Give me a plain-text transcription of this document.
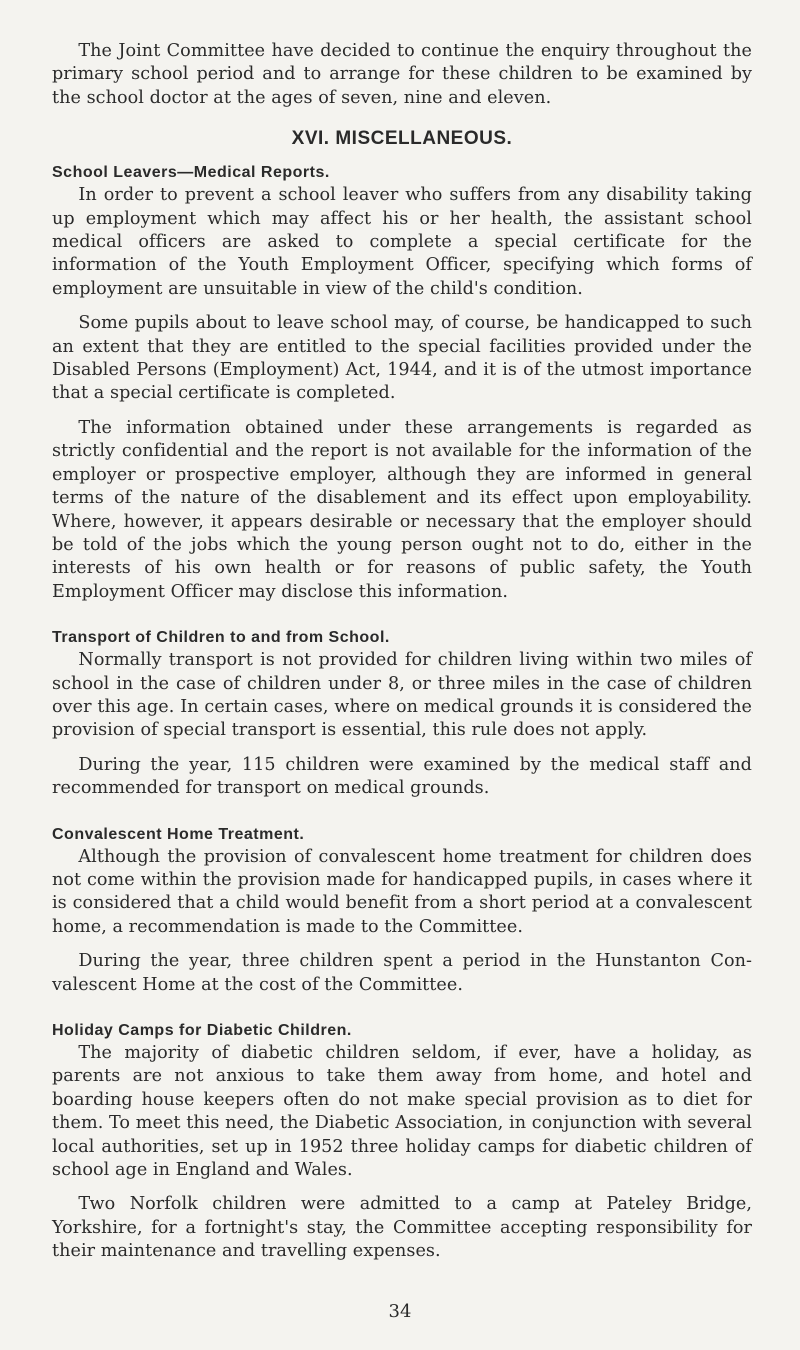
The Joint Committee have decided to continue the enquiry throughout the primary school period and to arrange for these children to be examined by the school doctor at the ages of seven, nine and eleven.

XVI. MISCELLANEOUS.
School Leavers—Medical Reports.

In order to prevent a school leaver who suffers from any disability taking up employment which may affect his or her health, the assistant school medical officers are asked to complete a special certificate for the information of the Youth Employment Officer, specifying which forms of employment are unsuitable in view of the child's condition.

Some pupils about to leave school may, of course, be handicapped to such an extent that they are entitled to the special facilities provided under the Disabled Persons (Employment) Act, 1944, and it is of the utmost importance that a special certificate is completed.

The information obtained under these arrangements is regarded as strictly confidential and the report is not available for the information of the employer or prospective employer, although they are informed in general terms of the nature of the disablement and its effect upon employability. Where, however, it appears desirable or necessary that the employer should be told of the jobs which the young person ought not to do, either in the interests of his own health or for reasons of public safety, the Youth Employment Officer may disclose this information.

Transport of Children to and from School.

Normally transport is not provided for children living within two miles of school in the case of children under 8, or three miles in the case of children over this age. In certain cases, where on medical grounds it is considered the provision of special transport is essential, this rule does not apply.

During the year, 115 children were examined by the medical staff and recommended for transport on medical grounds.

Convalescent Home Treatment.

Although the provision of convalescent home treatment for children does not come within the provision made for handicapped pupils, in cases where it is considered that a child would benefit from a short period at a convalescent home, a recommendation is made to the Committee.

During the year, three children spent a period in the Hunstanton Con- valescent Home at the cost of the Committee.

Holiday Camps for Diabetic Children.

The majority of diabetic children seldom, if ever, have a holiday, as parents are not anxious to take them away from home, and hotel and boarding house keepers often do not make special provision as to diet for them. To meet this need, the Diabetic Association, in conjunction with several local authorities, set up in 1952 three holiday camps for diabetic children of school age in England and Wales.

Two Norfolk children were admitted to a camp at Pateley Bridge, Yorkshire, for a fortnight's stay, the Committee accepting responsibility for their maintenance and travelling expenses.

34
